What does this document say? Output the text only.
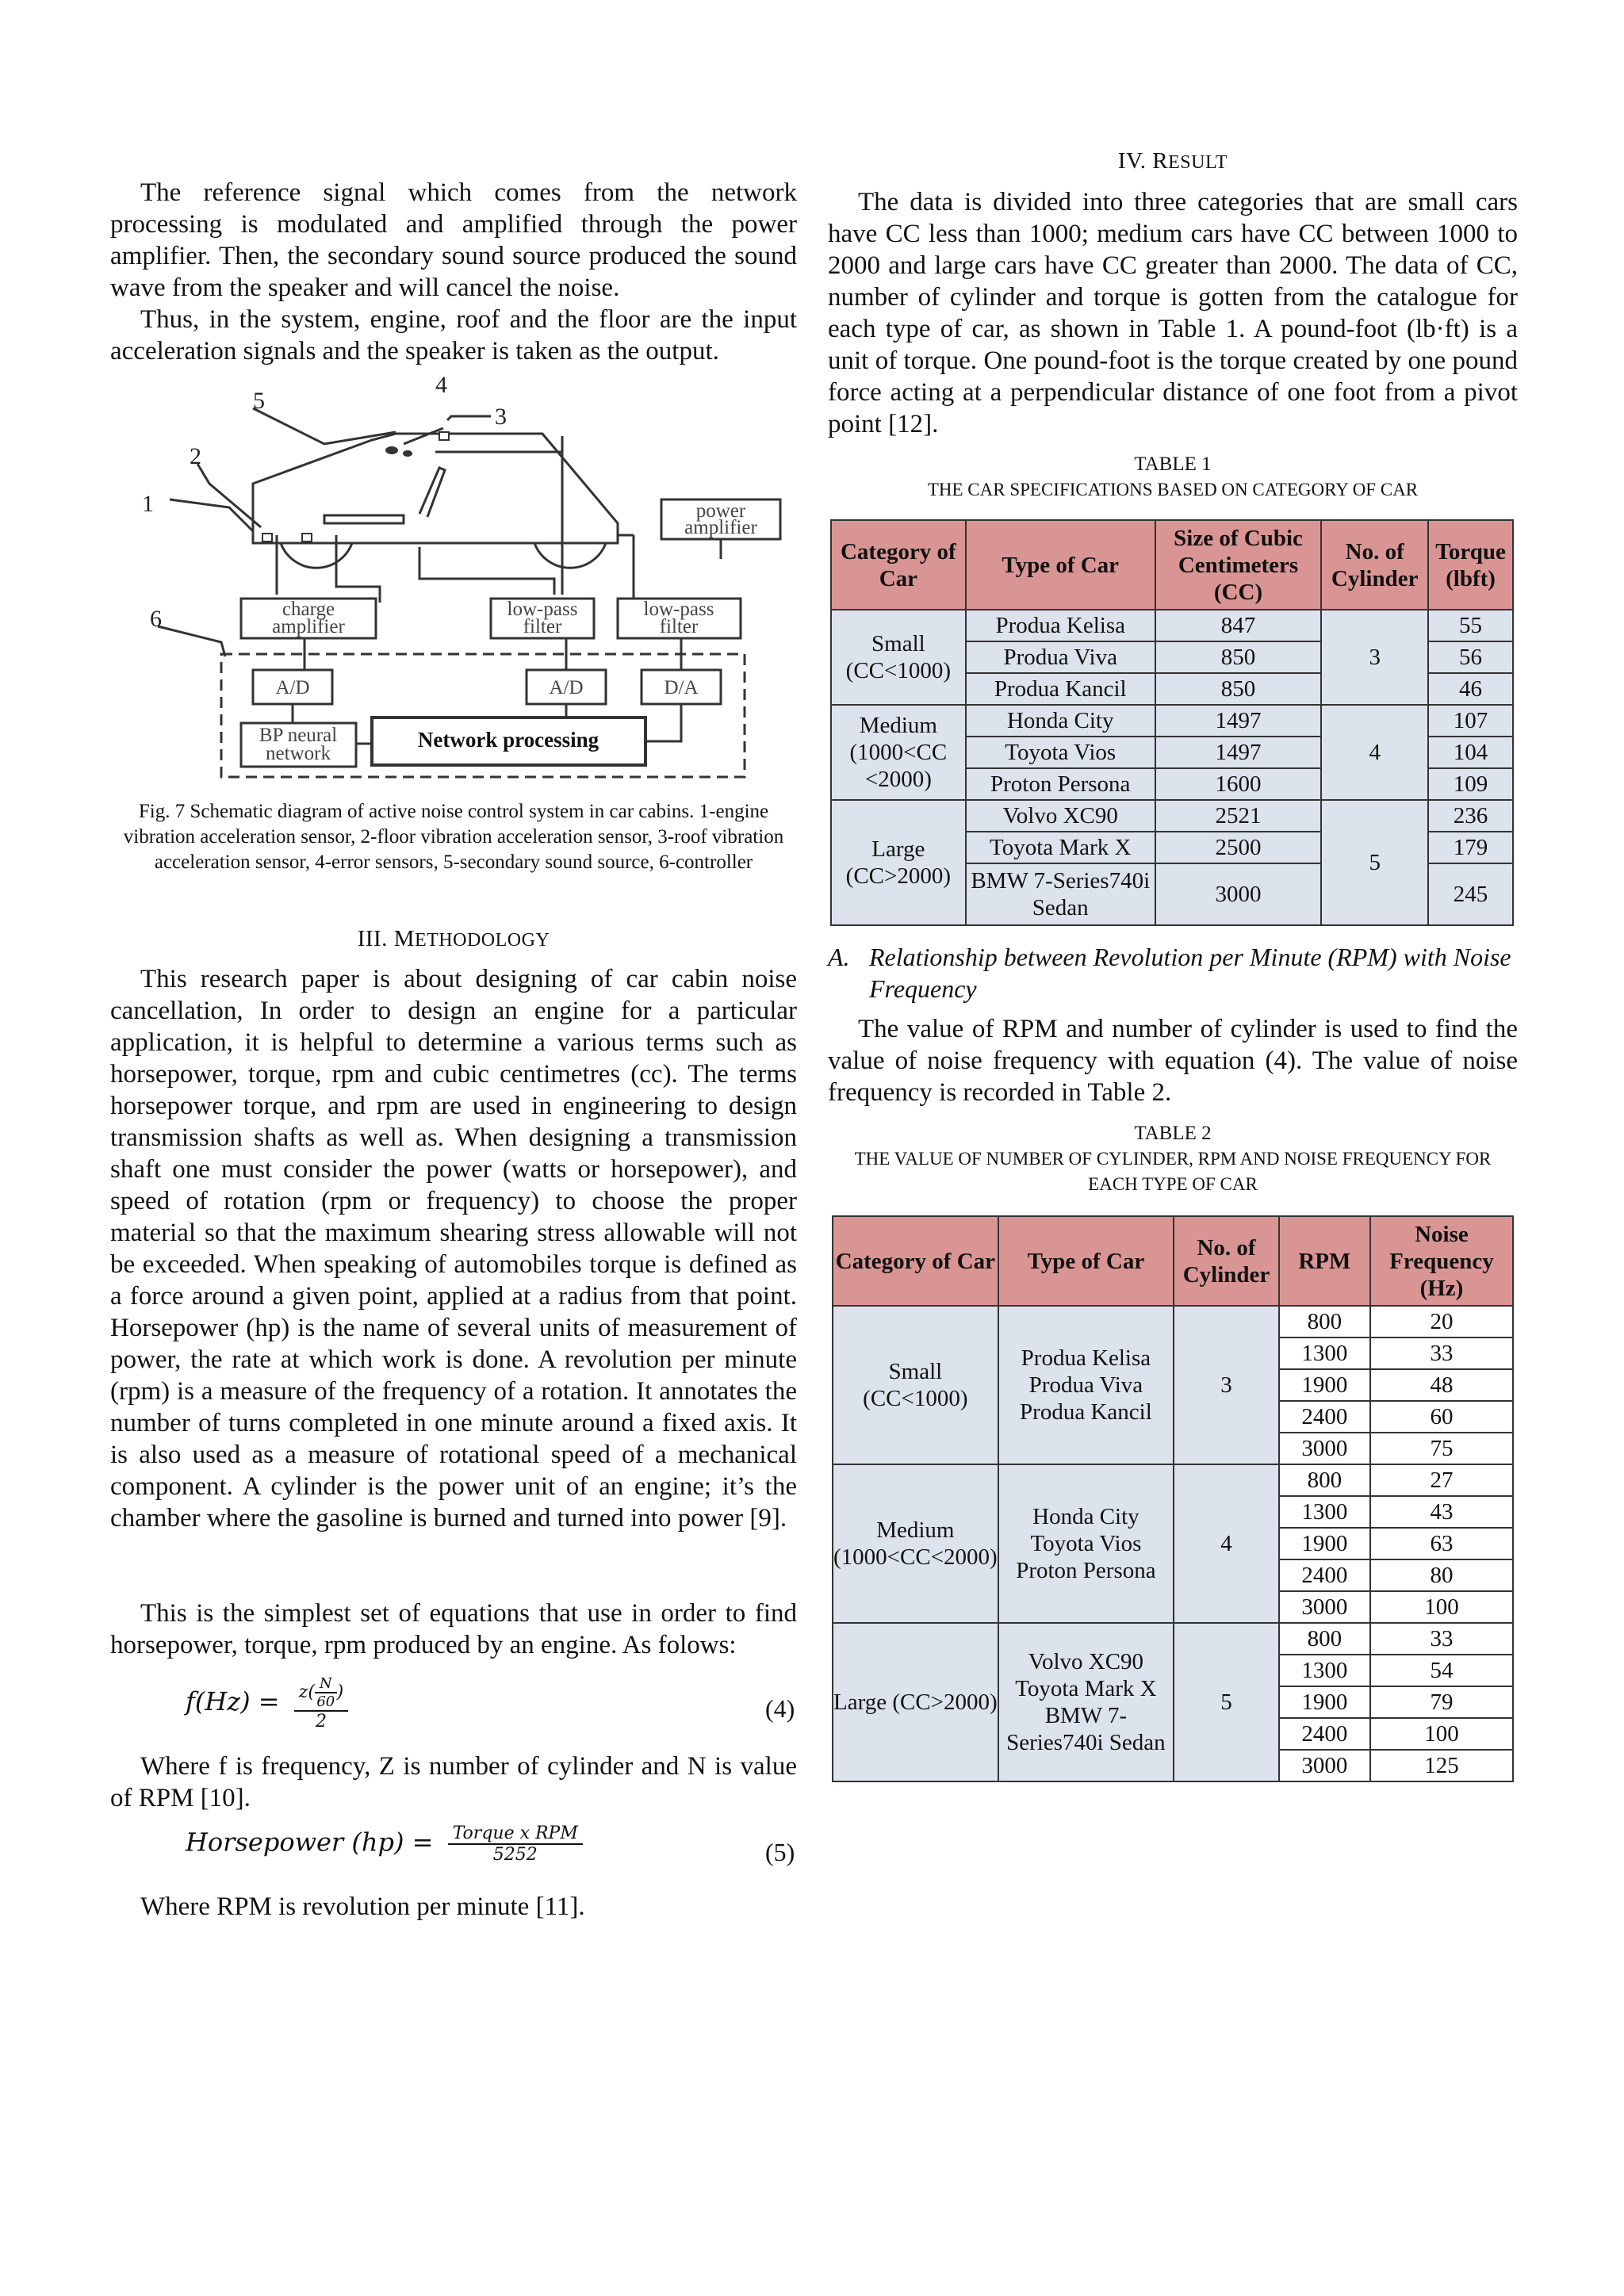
The reference signal which comes from the network processing is modulated and amplified through the power amplifier. Then, the secondary sound source produced the sound wave from the speaker and will cancel the noise.

Thus, in the system, engine, roof and the floor are the input acceleration signals and the speaker is taken as the output.

1
2
3
4
5
6
power
amplifier
charge
amplifier
low-pass
filter
low-pass
filter
A/D	A/D	D/A
BP neural
network
Network processing

Fig. 7 Schematic diagram of active noise control system in car cabins. 1-engine vibration acceleration sensor, 2-floor vibration acceleration sensor, 3-roof vibration acceleration sensor, 4-error sensors, 5-secondary sound source, 6-controller

III. METHODOLOGY

This research paper is about designing of car cabin noise cancellation, In order to design an engine for a particular application, it is helpful to determine a various terms such as horsepower, torque, rpm and cubic centimetres (cc). The terms horsepower torque, and rpm are used in engineering to design transmission shafts as well as. When designing a transmission shaft one must consider the power (watts or horsepower), and speed of rotation (rpm or frequency) to choose the proper material so that the maximum shearing stress allowable will not be exceeded. When speaking of automobiles torque is defined as a force around a given point, applied at a radius from that point. Horsepower (hp) is the name of several units of measurement of power, the rate at which work is done. A revolution per minute (rpm) is a measure of the frequency of a rotation. It annotates the number of turns completed in one minute around a fixed axis. It is also used as a measure of rotational speed of a mechanical component. A cylinder is the power unit of an engine; it’s the chamber where the gasoline is burned and turned into power [9].

This is the simplest set of equations that use in order to find horsepower, torque, rpm produced by an engine. As folows:

$f(Hz) = \frac{z( \frac{N}{60} )}{2}$	(4)

Where f is frequency, Z is number of cylinder and N is value of RPM [10].

Horsepower $(hp) = \frac{\text{Torque x RPM}}{5252}$	(5)

Where RPM is revolution per minute [11].

IV. RESULT

The data is divided into three categories that are small cars have CC less than 1000; medium cars have CC between 1000 to 2000 and large cars have CC greater than 2000. The data of CC, number of cylinder and torque is gotten from the catalogue for each type of car, as shown in Table 1. A pound-foot (lb·ft) is a unit of torque. One pound-foot is the torque created by one pound force acting at a perpendicular distance of one foot from a pivot point [12].

TABLE 1
THE CAR SPECIFICATIONS BASED ON CATEGORY OF CAR
Category of Car	Type of Car	Size of Cubic Centimeters (CC)	No. of Cylinder	Torque (lbft)
Small (CC<1000)	Produa Kelisa	847	3	55
	Produa Viva	850		56
	Produa Kancil	850		46
Medium (1000<CC <2000)	Honda City	1497	4	107
	Toyota Vios	1497		104
	Proton Persona	1600		109
Large (CC>2000)	Volvo XC90	2521	5	236
	Toyota Mark X	2500		179
	BMW 7-Series740i Sedan	3000		245
A. Relationship between Revolution per Minute (RPM) with Noise Frequency

The value of RPM and number of cylinder is used to find the value of noise frequency with equation (4). The value of noise frequency is recorded in Table 2.

TABLE 2
THE VALUE OF NUMBER OF CYLINDER, RPM AND NOISE FREQUENCY FOR EACH TYPE OF CAR
Category of Car	Type of Car	No. of Cylinder	RPM	Noise Frequency (Hz)
Small (CC<1000)	Produa Kelisa Produa Viva Produa Kancil	3	800	20
			1300	33
			1900	48
			2400	60
			3000	75
Medium (1000<CC<2000)	Honda City Toyota Vios Proton Persona	4	800	27
			1300	43
			1900	63
			2400	80
			3000	100
Large (CC>2000)	Volvo XC90 Toyota Mark X BMW 7-Series740i Sedan	5	800	33
			1300	54
			1900	79
			2400	100
			3000	125
